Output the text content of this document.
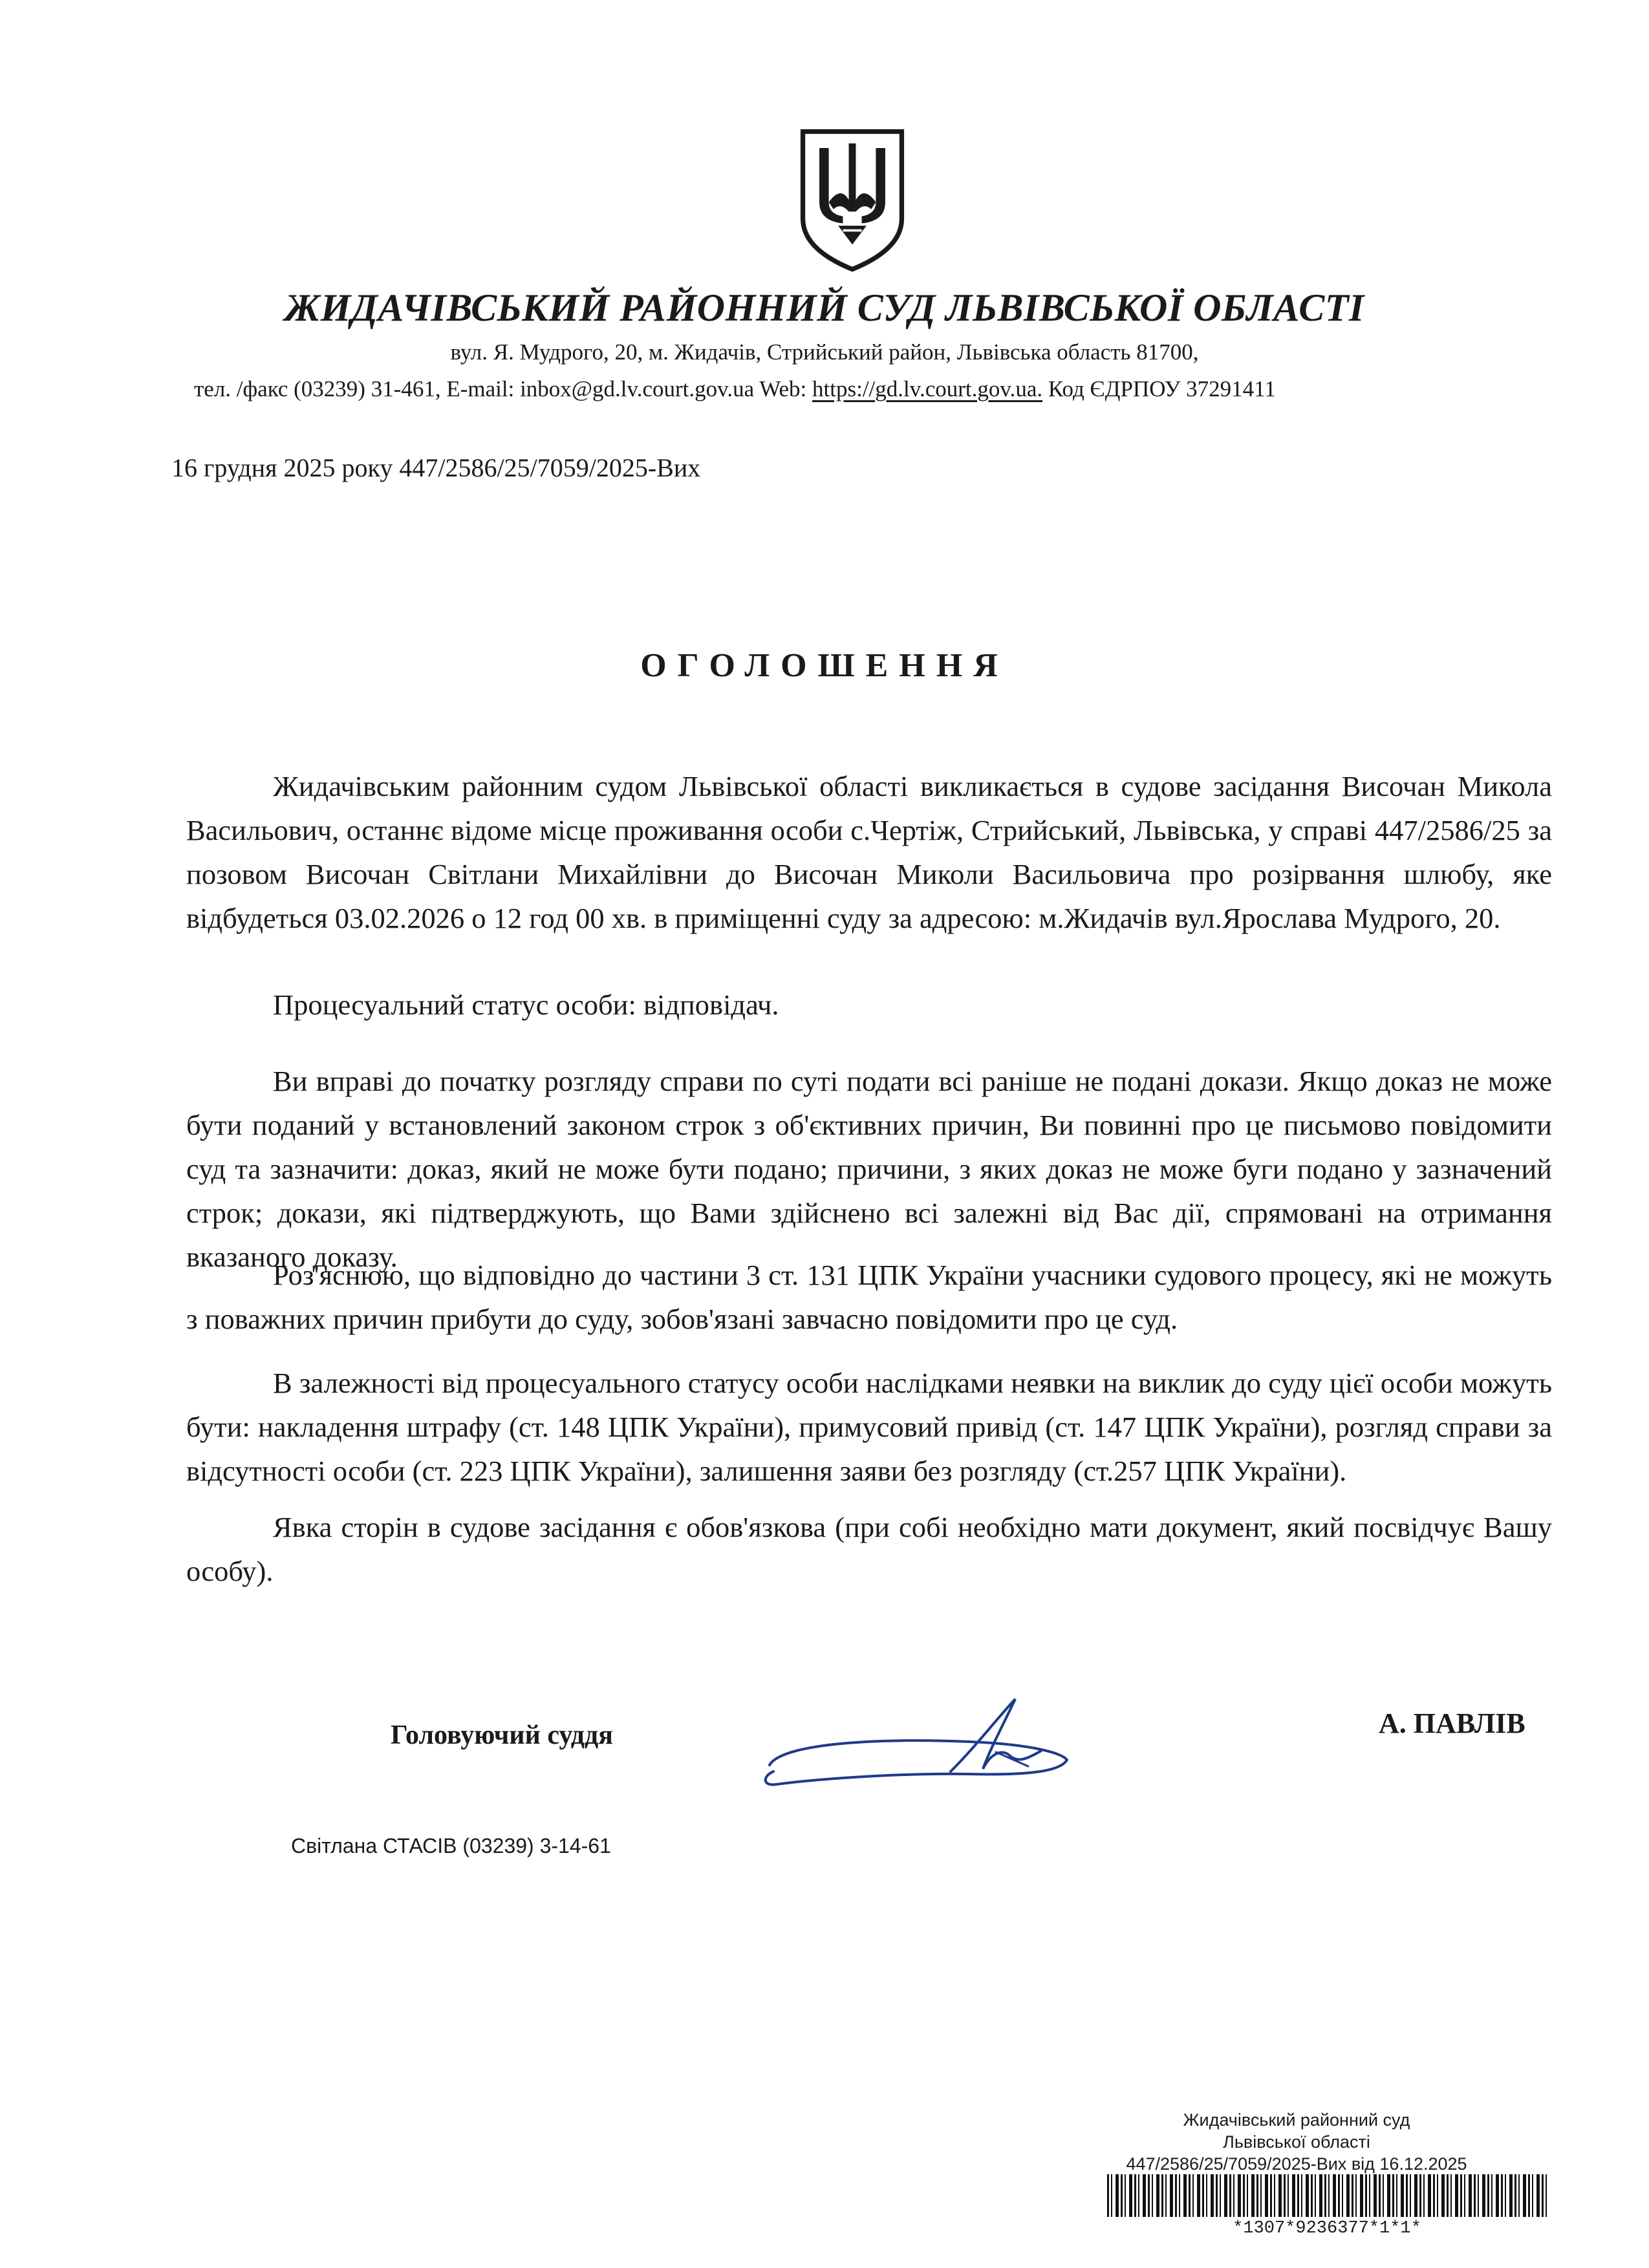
ЖИДАЧІВСЬКИЙ РАЙОННИЙ СУД ЛЬВІВСЬКОЇ ОБЛАСТІ
вул. Я. Мудрого, 20, м. Жидачів, Стрийський район, Львівська область 81700,
тел. /факс (03239) 31-461, E-mail: inbox@gd.lv.court.gov.ua Web: https://gd.lv.court.gov.ua. Код ЄДРПОУ 37291411
16 грудня 2025 року 447/2586/25/7059/2025-Вих
ОГОЛОШЕННЯ

Жидачівським районним судом Львівської області викликається в судове засідання Височан Микола Васильович, останнє відоме місце проживання особи с.Чертіж, Стрийський, Львівська, у справі 447/2586/25 за позовом Височан Світлани Михайлівни до Височан Миколи Васильовича про розірвання шлюбу, яке відбудеться 03.02.2026 о 12 год 00 хв. в приміщенні суду за адресою: м.Жидачів вул.Ярослава Мудрого, 20.

Процесуальний статус особи: відповідач.

Ви вправі до початку розгляду справи по суті подати всі раніше не подані докази. Якщо доказ не може бути поданий у встановлений законом строк з об'єктивних причин, Ви повинні про це письмово повідомити суд та зазначити: доказ, який не може бути подано; причини, з яких доказ не може буги подано у зазначений строк; докази, які підтверджують, що Вами здійснено всі залежні від Вас дії, спрямовані на отримання вказаного доказу.

Роз'яснюю, що відповідно до частини 3 ст. 131 ЦПК України учасники судового процесу, які не можуть з поважних причин прибути до суду, зобов'язані завчасно повідомити про це суд.

В залежності від процесуального статусу особи наслідками неявки на виклик до суду цієї особи можуть бути: накладення штрафу (ст. 148 ЦПК України), примусовий привід (ст. 147 ЦПК України), розгляд справи за відсутності особи (ст. 223 ЦПК України), залишення заяви без розгляду (ст.257 ЦПК України).

Явка сторін в судове засідання є обов'язкова (при собі необхідно мати документ, який посвідчує Вашу особу).

Головуючий суддя	А. ПАВЛІВ
Світлана СТАСІВ (03239) 3-14-61
Жидачівський районний суд
Львівської області
447/2586/25/7059/2025-Вих від 16.12.2025
*1307*9236377*1*1*
